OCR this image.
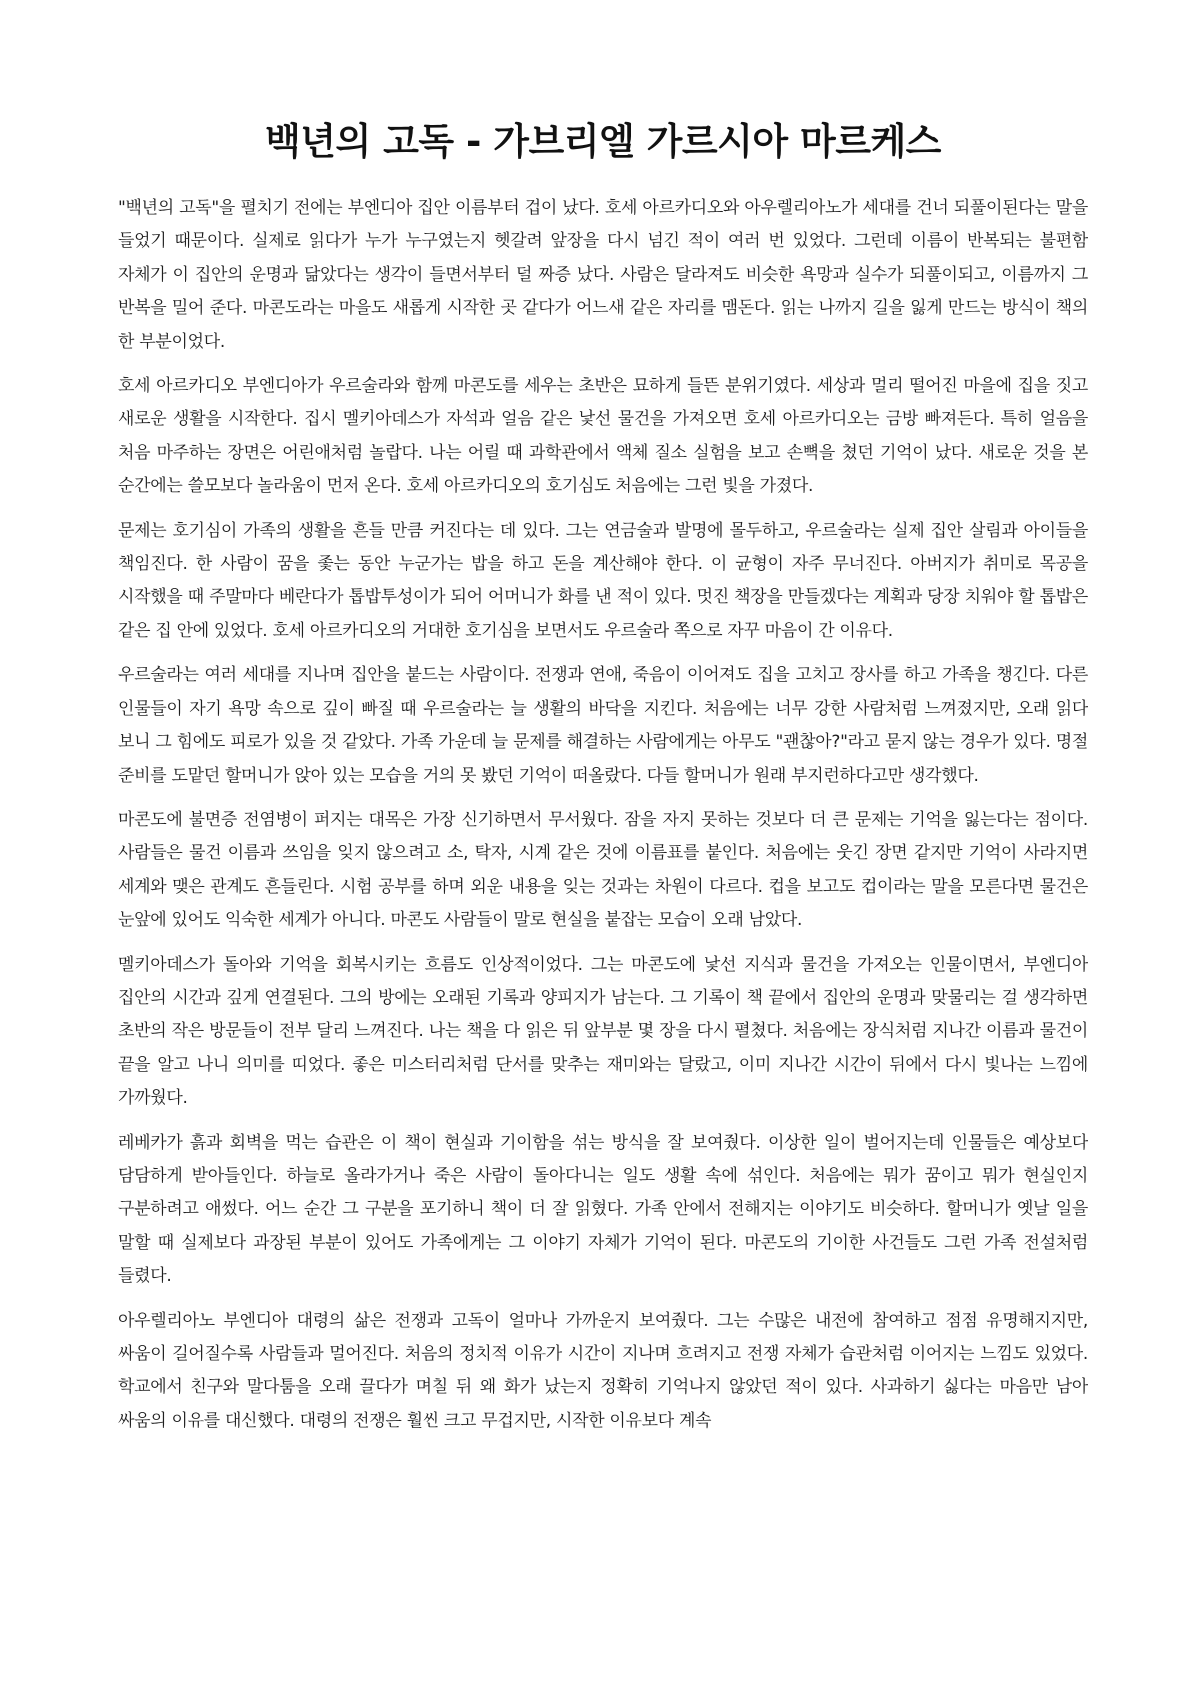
백년의 고독 - 가브리엘 가르시아 마르케스

"백년의 고독"을 펼치기 전에는 부엔디아 집안 이름부터 겁이 났다. 호세 아르카디오와 아우렐리아노가 세대를 건너 되풀이된다는 말을 들었기 때문이다. 실제로 읽다가 누가 누구였는지 헷갈려 앞장을 다시 넘긴 적이 여러 번 있었다. 그런데 이름이 반복되는 불편함 자체가 이 집안의 운명과 닮았다는 생각이 들면서부터 덜 짜증 났다. 사람은 달라져도 비슷한 욕망과 실수가 되풀이되고, 이름까지 그 반복을 밀어 준다. 마콘도라는 마을도 새롭게 시작한 곳 같다가 어느새 같은 자리를 맴돈다. 읽는 나까지 길을 잃게 만드는 방식이 책의 한 부분이었다.

호세 아르카디오 부엔디아가 우르술라와 함께 마콘도를 세우는 초반은 묘하게 들뜬 분위기였다. 세상과 멀리 떨어진 마을에 집을 짓고 새로운 생활을 시작한다. 집시 멜키아데스가 자석과 얼음 같은 낯선 물건을 가져오면 호세 아르카디오는 금방 빠져든다. 특히 얼음을 처음 마주하는 장면은 어린애처럼 놀랍다. 나는 어릴 때 과학관에서 액체 질소 실험을 보고 손뼉을 쳤던 기억이 났다. 새로운 것을 본 순간에는 쓸모보다 놀라움이 먼저 온다. 호세 아르카디오의 호기심도 처음에는 그런 빛을 가졌다.

문제는 호기심이 가족의 생활을 흔들 만큼 커진다는 데 있다. 그는 연금술과 발명에 몰두하고, 우르술라는 실제 집안 살림과 아이들을 책임진다. 한 사람이 꿈을 좇는 동안 누군가는 밥을 하고 돈을 계산해야 한다. 이 균형이 자주 무너진다. 아버지가 취미로 목공을 시작했을 때 주말마다 베란다가 톱밥투성이가 되어 어머니가 화를 낸 적이 있다. 멋진 책장을 만들겠다는 계획과 당장 치워야 할 톱밥은 같은 집 안에 있었다. 호세 아르카디오의 거대한 호기심을 보면서도 우르술라 쪽으로 자꾸 마음이 간 이유다.

우르술라는 여러 세대를 지나며 집안을 붙드는 사람이다. 전쟁과 연애, 죽음이 이어져도 집을 고치고 장사를 하고 가족을 챙긴다. 다른 인물들이 자기 욕망 속으로 깊이 빠질 때 우르술라는 늘 생활의 바닥을 지킨다. 처음에는 너무 강한 사람처럼 느껴졌지만, 오래 읽다 보니 그 힘에도 피로가 있을 것 같았다. 가족 가운데 늘 문제를 해결하는 사람에게는 아무도 "괜찮아?"라고 묻지 않는 경우가 있다. 명절 준비를 도맡던 할머니가 앉아 있는 모습을 거의 못 봤던 기억이 떠올랐다. 다들 할머니가 원래 부지런하다고만 생각했다.

마콘도에 불면증 전염병이 퍼지는 대목은 가장 신기하면서 무서웠다. 잠을 자지 못하는 것보다 더 큰 문제는 기억을 잃는다는 점이다. 사람들은 물건 이름과 쓰임을 잊지 않으려고 소, 탁자, 시계 같은 것에 이름표를 붙인다. 처음에는 웃긴 장면 같지만 기억이 사라지면 세계와 맺은 관계도 흔들린다. 시험 공부를 하며 외운 내용을 잊는 것과는 차원이 다르다. 컵을 보고도 컵이라는 말을 모른다면 물건은 눈앞에 있어도 익숙한 세계가 아니다. 마콘도 사람들이 말로 현실을 붙잡는 모습이 오래 남았다.

멜키아데스가 돌아와 기억을 회복시키는 흐름도 인상적이었다. 그는 마콘도에 낯선 지식과 물건을 가져오는 인물이면서, 부엔디아 집안의 시간과 깊게 연결된다. 그의 방에는 오래된 기록과 양피지가 남는다. 그 기록이 책 끝에서 집안의 운명과 맞물리는 걸 생각하면 초반의 작은 방문들이 전부 달리 느껴진다. 나는 책을 다 읽은 뒤 앞부분 몇 장을 다시 펼쳤다. 처음에는 장식처럼 지나간 이름과 물건이 끝을 알고 나니 의미를 띠었다. 좋은 미스터리처럼 단서를 맞추는 재미와는 달랐고, 이미 지나간 시간이 뒤에서 다시 빛나는 느낌에 가까웠다.

레베카가 흙과 회벽을 먹는 습관은 이 책이 현실과 기이함을 섞는 방식을 잘 보여줬다. 이상한 일이 벌어지는데 인물들은 예상보다 담담하게 받아들인다. 하늘로 올라가거나 죽은 사람이 돌아다니는 일도 생활 속에 섞인다. 처음에는 뭐가 꿈이고 뭐가 현실인지 구분하려고 애썼다. 어느 순간 그 구분을 포기하니 책이 더 잘 읽혔다. 가족 안에서 전해지는 이야기도 비슷하다. 할머니가 옛날 일을 말할 때 실제보다 과장된 부분이 있어도 가족에게는 그 이야기 자체가 기억이 된다. 마콘도의 기이한 사건들도 그런 가족 전설처럼 들렸다.

아우렐리아노 부엔디아 대령의 삶은 전쟁과 고독이 얼마나 가까운지 보여줬다. 그는 수많은 내전에 참여하고 점점 유명해지지만, 싸움이 길어질수록 사람들과 멀어진다. 처음의 정치적 이유가 시간이 지나며 흐려지고 전쟁 자체가 습관처럼 이어지는 느낌도 있었다. 학교에서 친구와 말다툼을 오래 끌다가 며칠 뒤 왜 화가 났는지 정확히 기억나지 않았던 적이 있다. 사과하기 싫다는 마음만 남아 싸움의 이유를 대신했다. 대령의 전쟁은 훨씬 크고 무겁지만, 시작한 이유보다 계속
